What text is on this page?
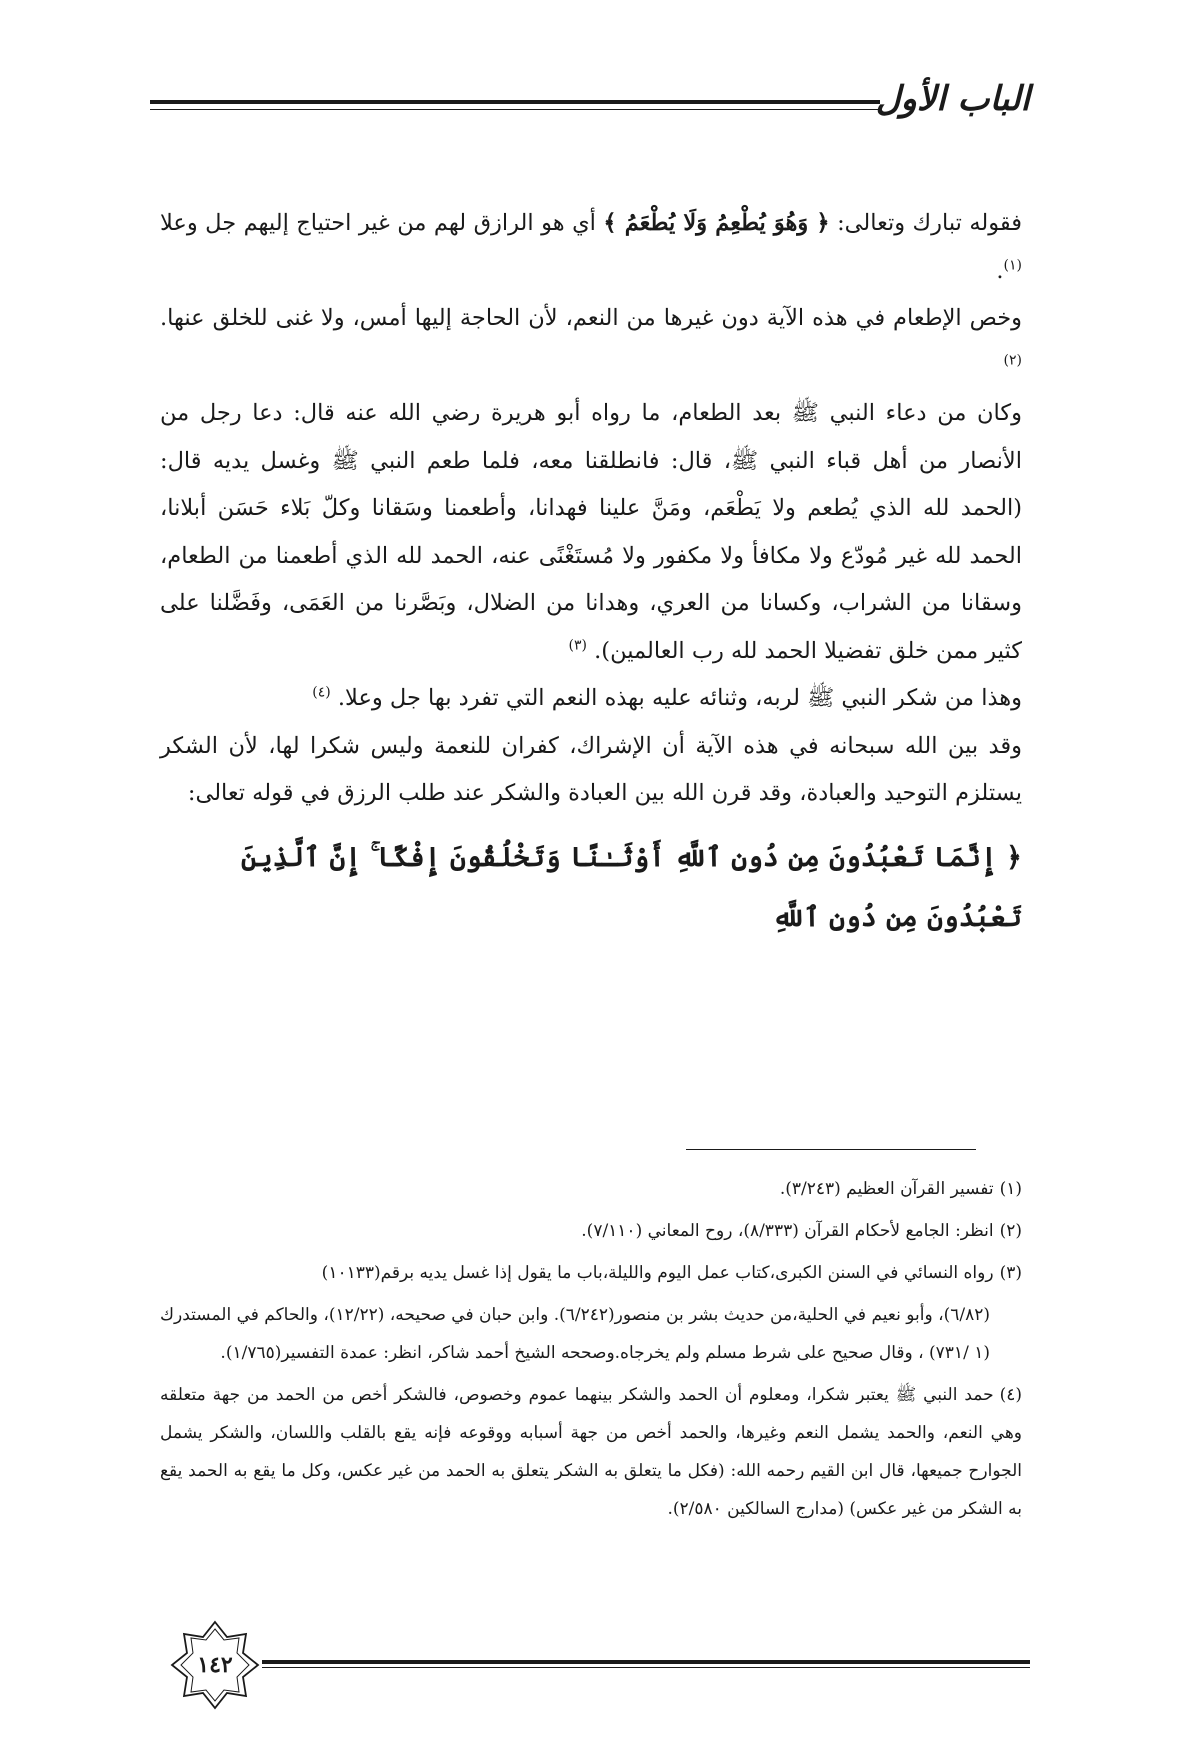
الباب الأول

فقوله تبارك وتعالى: ﴿ وَهُوَ يُطْعِمُ وَلَا يُطْعَمُ ﴾ أي هو الرازق لهم من غير احتياج إليهم جل وعلا $^{(١)}$.

وخص الإطعام في هذه الآية دون غيرها من النعم، لأن الحاجة إليها أمس، ولا غنى للخلق عنها. $^{(٢)}$

وكان من دعاء النبي ﷺ بعد الطعام، ما رواه أبو هريرة رضي الله عنه قال: دعا رجل من الأنصار من أهل قباء النبي ﷺ، قال: فانطلقنا معه، فلما طعم النبي ﷺ وغسل يديه قال: (الحمد لله الذي يُطعم ولا يَطْعَم، ومَنَّ علينا فهدانا، وأطعمنا وسَقانا وكلّ بَلاء حَسَن أبلانا، الحمد لله غير مُودّع ولا مكافأ ولا مكفور ولا مُستَغْنًى عنه، الحمد لله الذي أطعمنا من الطعام، وسقانا من الشراب، وكسانا من العري، وهدانا من الضلال، وبَصَّرنا من العَمَى، وفَضَّلنا على كثير ممن خلق تفضيلا الحمد لله رب العالمين). $^{(٣)}$

وهذا من شكر النبي ﷺ لربه، وثنائه عليه بهذه النعم التي تفرد بها جل وعلا. $^{(٤)}$

وقد بين الله سبحانه في هذه الآية أن الإشراك، كفران للنعمة وليس شكرا لها، لأن الشكر يستلزم التوحيد والعبادة، وقد قرن الله بين العبادة والشكر عند طلب الرزق في قوله تعالى:

﴿ إِنَّمَا تَعْبُدُونَ مِن دُونِ ٱللَّهِ أَوْثَـٰنًا وَتَخْلُقُونَ إِفْكًا ۚ إِنَّ ٱلَّذِينَ تَعْبُدُونَ مِن دُونِ ٱللَّهِ

(١)تفسير القرآن العظيم (٣/٢٤٣).

(٢)انظر: الجامع لأحكام القرآن (٨/٣٣٣)، روح المعاني (٧/١١٠).

(٣)رواه النسائي في السنن الكبرى،كتاب عمل اليوم والليلة،باب ما يقول إذا غسل يديه برقم(١٠١٣٣)

(٦/٨٢)، وأبو نعيم في الحلية،من حديث بشر بن منصور(٦/٢٤٢). وابن حبان في صحيحه، (١٢/٢٢)، والحاكم في المستدرك (١ /٧٣١) ، وقال صحيح على شرط مسلم ولم يخرجاه.وصححه الشيخ أحمد شاكر، انظر: عمدة التفسير(١/٧٦٥).

(٤)حمد النبي ﷺ يعتبر شكرا، ومعلوم أن الحمد والشكر بينهما عموم وخصوص، فالشكر أخص من الحمد من جهة متعلقه وهي النعم، والحمد يشمل النعم وغيرها، والحمد أخص من جهة أسبابه ووقوعه فإنه يقع بالقلب واللسان، والشكر يشمل الجوارح جميعها، قال ابن القيم رحمه الله: (فكل ما يتعلق به الشكر يتعلق به الحمد من غير عكس، وكل ما يقع به الحمد يقع به الشكر من غير عكس) (مدارج السالكين ٢/٥٨٠).

١٤٢
